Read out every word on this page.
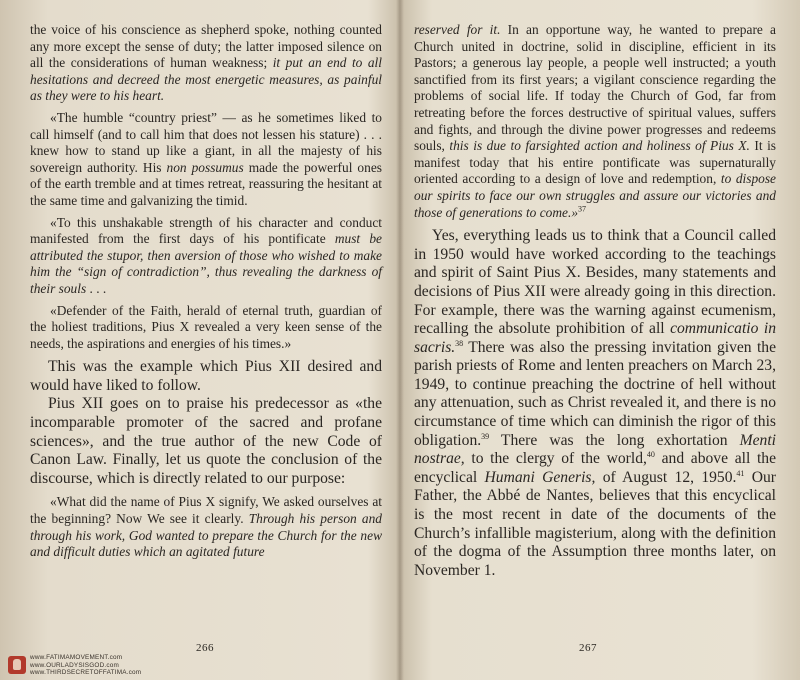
the voice of his conscience as shepherd spoke, nothing counted any more except the sense of duty; the latter imposed silence on all the considerations of human weakness; it put an end to all hesitations and decreed the most energetic measures, as painful as they were to his heart.

«The humble “country priest” — as he sometimes liked to call himself (and to call him that does not lessen his stature) . . . knew how to stand up like a giant, in all the majesty of his sovereign authority. His non possumus made the powerful ones of the earth tremble and at times retreat, reassuring the hesitant at the same time and galvanizing the timid.

«To this unshakable strength of his character and conduct manifested from the first days of his pontificate must be attributed the stupor, then aversion of those who wished to make him the “sign of contradiction”, thus revealing the darkness of their souls . . .

«Defender of the Faith, herald of eternal truth, guardian of the holiest traditions, Pius X revealed a very keen sense of the needs, the aspirations and energies of his times.»

This was the example which Pius XII desired and would have liked to follow.

Pius XII goes on to praise his predecessor as «the incomparable promoter of the sacred and profane sciences», and the true author of the new Code of Canon Law. Finally, let us quote the conclusion of the discourse, which is directly related to our purpose:

«What did the name of Pius X signify, We asked ourselves at the beginning? Now We see it clearly. Through his person and through his work, God wanted to prepare the Church for the new and difficult duties which an agitated future

reserved for it. In an opportune way, he wanted to prepare a Church united in doctrine, solid in discipline, efficient in its Pastors; a generous lay people, a people well instructed; a youth sanctified from its first years; a vigilant conscience regarding the problems of social life. If today the Church of God, far from retreating before the forces destructive of spiritual values, suffers and fights, and through the divine power progresses and redeems souls, this is due to farsighted action and holiness of Pius X. It is manifest today that his entire pontificate was supernaturally oriented according to a design of love and redemption, to dispose our spirits to face our own struggles and assure our victories and those of generations to come.»$^{37}$

Yes, everything leads us to think that a Council called in 1950 would have worked according to the teachings and spirit of Saint Pius X. Besides, many statements and decisions of Pius XII were already going in this direction. For example, there was the warning against ecumenism, recalling the absolute prohibition of all communicatio in sacris.$^{38}$ There was also the pressing invitation given the parish priests of Rome and lenten preachers on March 23, 1949, to continue preaching the doctrine of hell without any attenuation, such as Christ revealed it, and there is no circumstance of time which can diminish the rigor of this obligation.$^{39}$ There was the long exhortation Menti nostrae, to the clergy of the world,$^{40}$ and above all the encyclical Humani Generis, of August 12, 1950.41 Our Father, the Abbé de Nantes, believes that this encyclical is the most recent in date of the documents of the Church’s infallible magisterium, along with the definition of the dogma of the Assumption three months later, on November 1.

266	267
www.FATIMAMOVEMENT.com
www.OURLADYSISGOD.com
www.THIRDSECRETOFFATIMA.com
